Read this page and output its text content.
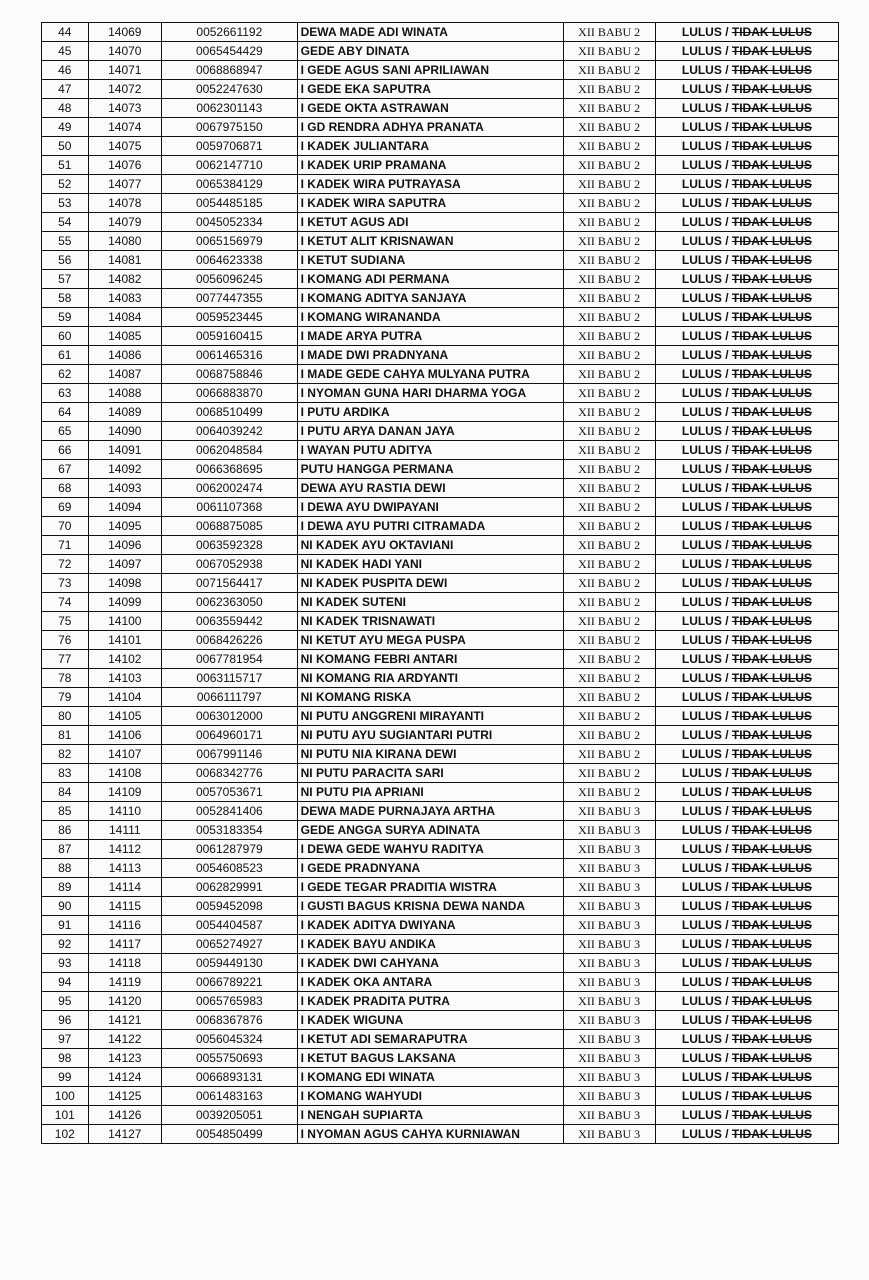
44	14069	0052661192	DEWA MADE ADI WINATA	XII BABU 2	LULUS / TIDAK LULUS
45	14070	0065454429	GEDE ABY DINATA	XII BABU 2	LULUS / TIDAK LULUS
46	14071	0068868947	I GEDE AGUS SANI APRILIAWAN	XII BABU 2	LULUS / TIDAK LULUS
47	14072	0052247630	I GEDE EKA SAPUTRA	XII BABU 2	LULUS / TIDAK LULUS
48	14073	0062301143	I GEDE OKTA ASTRAWAN	XII BABU 2	LULUS / TIDAK LULUS
49	14074	0067975150	I GD RENDRA ADHYA PRANATA	XII BABU 2	LULUS / TIDAK LULUS
50	14075	0059706871	I KADEK JULIANTARA	XII BABU 2	LULUS / TIDAK LULUS
51	14076	0062147710	I KADEK URIP PRAMANA	XII BABU 2	LULUS / TIDAK LULUS
52	14077	0065384129	I KADEK WIRA PUTRAYASA	XII BABU 2	LULUS / TIDAK LULUS
53	14078	0054485185	I KADEK WIRA SAPUTRA	XII BABU 2	LULUS / TIDAK LULUS
54	14079	0045052334	I KETUT AGUS ADI	XII BABU 2	LULUS / TIDAK LULUS
55	14080	0065156979	I KETUT ALIT KRISNAWAN	XII BABU 2	LULUS / TIDAK LULUS
56	14081	0064623338	I KETUT SUDIANA	XII BABU 2	LULUS / TIDAK LULUS
57	14082	0056096245	I KOMANG ADI PERMANA	XII BABU 2	LULUS / TIDAK LULUS
58	14083	0077447355	I KOMANG ADITYA SANJAYA	XII BABU 2	LULUS / TIDAK LULUS
59	14084	0059523445	I KOMANG WIRANANDA	XII BABU 2	LULUS / TIDAK LULUS
60	14085	0059160415	I MADE ARYA PUTRA	XII BABU 2	LULUS / TIDAK LULUS
61	14086	0061465316	I MADE DWI PRADNYANA	XII BABU 2	LULUS / TIDAK LULUS
62	14087	0068758846	I MADE GEDE CAHYA MULYANA PUTRA	XII BABU 2	LULUS / TIDAK LULUS
63	14088	0066883870	I NYOMAN GUNA HARI DHARMA YOGA	XII BABU 2	LULUS / TIDAK LULUS
64	14089	0068510499	I PUTU ARDIKA	XII BABU 2	LULUS / TIDAK LULUS
65	14090	0064039242	I PUTU ARYA DANAN JAYA	XII BABU 2	LULUS / TIDAK LULUS
66	14091	0062048584	I WAYAN PUTU ADITYA	XII BABU 2	LULUS / TIDAK LULUS
67	14092	0066368695	PUTU HANGGA PERMANA	XII BABU 2	LULUS / TIDAK LULUS
68	14093	0062002474	DEWA AYU RASTIA DEWI	XII BABU 2	LULUS / TIDAK LULUS
69	14094	0061107368	I DEWA AYU DWIPAYANI	XII BABU 2	LULUS / TIDAK LULUS
70	14095	0068875085	I DEWA AYU PUTRI CITRAMADA	XII BABU 2	LULUS / TIDAK LULUS
71	14096	0063592328	NI KADEK AYU OKTAVIANI	XII BABU 2	LULUS / TIDAK LULUS
72	14097	0067052938	NI KADEK HADI YANI	XII BABU 2	LULUS / TIDAK LULUS
73	14098	0071564417	NI KADEK PUSPITA DEWI	XII BABU 2	LULUS / TIDAK LULUS
74	14099	0062363050	NI KADEK SUTENI	XII BABU 2	LULUS / TIDAK LULUS
75	14100	0063559442	NI KADEK TRISNAWATI	XII BABU 2	LULUS / TIDAK LULUS
76	14101	0068426226	NI KETUT AYU MEGA PUSPA	XII BABU 2	LULUS / TIDAK LULUS
77	14102	0067781954	NI KOMANG FEBRI ANTARI	XII BABU 2	LULUS / TIDAK LULUS
78	14103	0063115717	NI KOMANG RIA ARDYANTI	XII BABU 2	LULUS / TIDAK LULUS
79	14104	0066111797	NI KOMANG RISKA	XII BABU 2	LULUS / TIDAK LULUS
80	14105	0063012000	NI PUTU ANGGRENI MIRAYANTI	XII BABU 2	LULUS / TIDAK LULUS
81	14106	0064960171	NI PUTU AYU SUGIANTARI PUTRI	XII BABU 2	LULUS / TIDAK LULUS
82	14107	0067991146	NI PUTU NIA KIRANA DEWI	XII BABU 2	LULUS / TIDAK LULUS
83	14108	0068342776	NI PUTU PARACITA SARI	XII BABU 2	LULUS / TIDAK LULUS
84	14109	0057053671	NI PUTU PIA APRIANI	XII BABU 2	LULUS / TIDAK LULUS
85	14110	0052841406	DEWA MADE PURNAJAYA ARTHA	XII BABU 3	LULUS / TIDAK LULUS
86	14111	0053183354	GEDE ANGGA SURYA ADINATA	XII BABU 3	LULUS / TIDAK LULUS
87	14112	0061287979	I DEWA GEDE WAHYU RADITYA	XII BABU 3	LULUS / TIDAK LULUS
88	14113	0054608523	I GEDE PRADNYANA	XII BABU 3	LULUS / TIDAK LULUS
89	14114	0062829991	I GEDE TEGAR PRADITIA WISTRA	XII BABU 3	LULUS / TIDAK LULUS
90	14115	0059452098	I GUSTI BAGUS KRISNA DEWA NANDA	XII BABU 3	LULUS / TIDAK LULUS
91	14116	0054404587	I KADEK ADITYA DWIYANA	XII BABU 3	LULUS / TIDAK LULUS
92	14117	0065274927	I KADEK BAYU ANDIKA	XII BABU 3	LULUS / TIDAK LULUS
93	14118	0059449130	I KADEK DWI CAHYANA	XII BABU 3	LULUS / TIDAK LULUS
94	14119	0066789221	I KADEK OKA ANTARA	XII BABU 3	LULUS / TIDAK LULUS
95	14120	0065765983	I KADEK PRADITA PUTRA	XII BABU 3	LULUS / TIDAK LULUS
96	14121	0068367876	I KADEK WIGUNA	XII BABU 3	LULUS / TIDAK LULUS
97	14122	0056045324	I KETUT ADI SEMARAPUTRA	XII BABU 3	LULUS / TIDAK LULUS
98	14123	0055750693	I KETUT BAGUS LAKSANA	XII BABU 3	LULUS / TIDAK LULUS
99	14124	0066893131	I KOMANG EDI WINATA	XII BABU 3	LULUS / TIDAK LULUS
100	14125	0061483163	I KOMANG WAHYUDI	XII BABU 3	LULUS / TIDAK LULUS
101	14126	0039205051	I NENGAH SUPIARTA	XII BABU 3	LULUS / TIDAK LULUS
102	14127	0054850499	I NYOMAN AGUS CAHYA KURNIAWAN	XII BABU 3	LULUS / TIDAK LULUS
